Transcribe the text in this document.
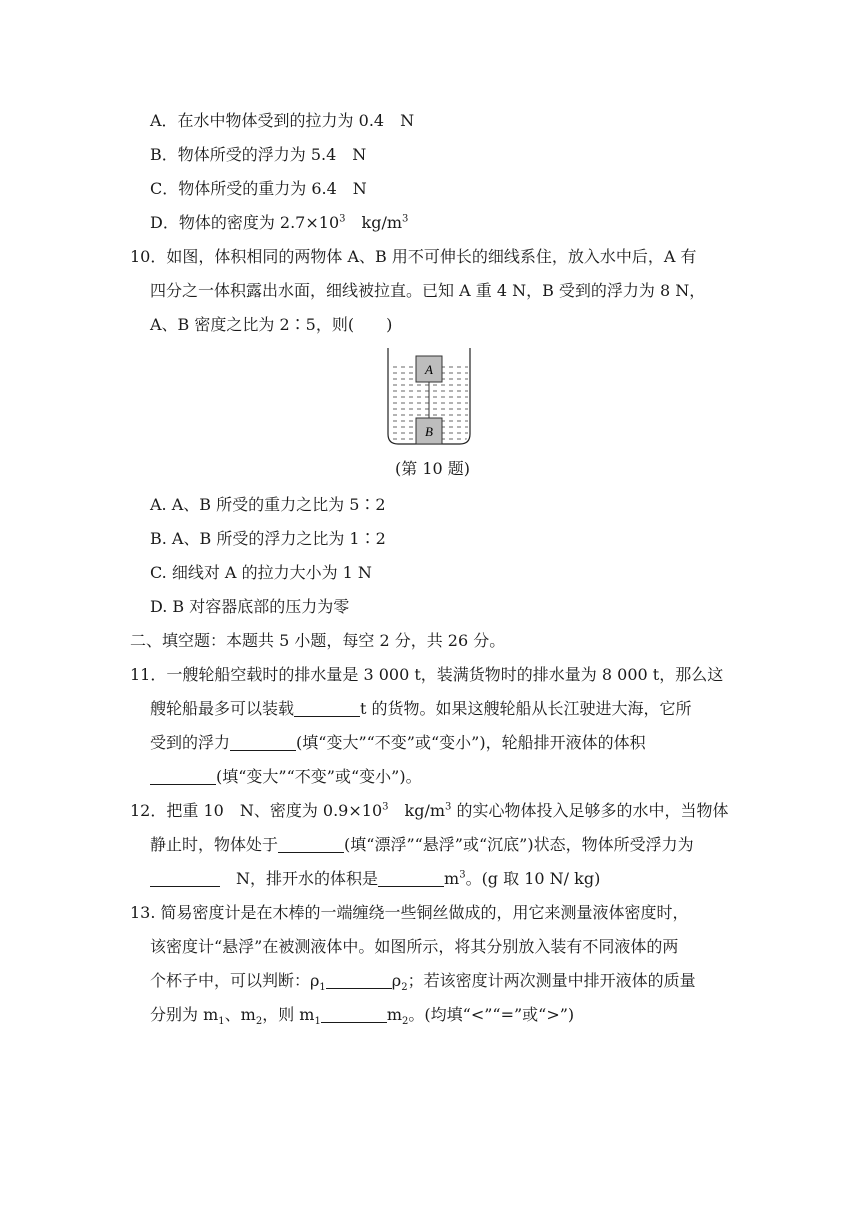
A．在水中物体受到的拉力为 0.4　N
B．物体所受的浮力为 5.4　N
C．物体所受的重力为 6.4　N
D．物体的密度为 $2.7\times 10^3$　$kg/m^3$
10．如图，体积相同的两物体 A、B 用不可伸长的细线系住，放入水中后，A 有
四分之一体积露出水面，细线被拉直。已知 A 重 4 N，B 受到的浮力为 8 N，
A、B 密度之比为 2∶5，则(　　)
A
B
(第 10 题)
A. A、B 所受的重力之比为 5∶2
B. A、B 所受的浮力之比为 1∶2
C. 细线对 A 的拉力大小为 1 N
D. B 对容器底部的压力为零
二、填空题：本题共 5 小题，每空 2 分，共 26 分。
11．一艘轮船空载时的排水量是 3 000 t，装满货物时的排水量为 8 000 t，那么这
艘轮船最多可以装载	t 的货物。如果这艘轮船从长江驶进大海，它所
受到的浮力	(填“变大”“不变”或“变小”)，轮船排开液体的体积
(填“变大”“不变”或“变小”)。
12．把重 10　N、密度为 $0.9\times 10^3$　$kg/m^3$ 的实心物体投入足够多的水中，当物体
静止时，物体处于	(填“漂浮”“悬浮”或“沉底”)状态，物体所受浮力为
　N，排开水的体积是	$m^3$。(g 取 10 N/ kg)
13. 简易密度计是在木棒的一端缠绕一些铜丝做成的，用它来测量液体密度时，
该密度计“悬浮”在被测液体中。如图所示，将其分别放入装有不同液体的两
个杯子中，可以判断：$\rho_1$	$\rho_2$；若该密度计两次测量中排开液体的质量
分别为 $m_1$、$m_2$，则 $m_1$	$m_2$。(均填“<”“=”或“>”)
